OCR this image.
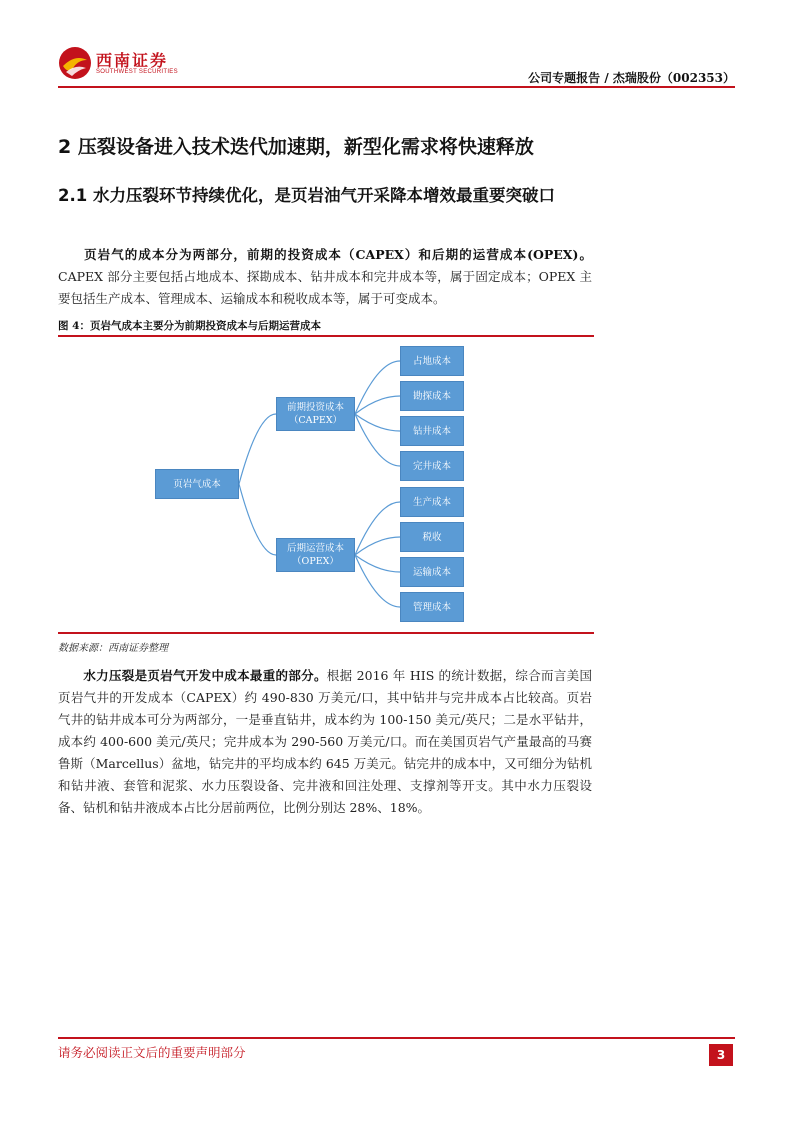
西南证券
SOUTHWEST SECURITIES	公司专题报告 / 杰瑞股份（002353）
2 压裂设备进入技术迭代加速期，新型化需求将快速释放
2.1 水力压裂环节持续优化，是页岩油气开采降本增效最重要突破口

页岩气的成本分为两部分，前期的投资成本（CAPEX）和后期的运营成本(OPEX)。CAPEX 部分主要包括占地成本、探勘成本、钻井成本和完井成本等，属于固定成本；OPEX 主要包括生产成本、管理成本、运输成本和税收成本等，属于可变成本。

图 4：页岩气成本主要分为前期投资成本与后期运营成本
页岩气成本
前期投资成本
（CAPEX）
后期运营成本
（OPEX）
占地成本
勘探成本
钻井成本
完井成本
生产成本
税收
运输成本
管理成本
数据来源：西南证券整理

水力压裂是页岩气开发中成本最重的部分。根据 2016 年 HIS 的统计数据，综合而言美国页岩气井的开发成本（CAPEX）约 490-830 万美元/口，其中钻井与完井成本占比较高。页岩气井的钻井成本可分为两部分，一是垂直钻井，成本约为 100-150 美元/英尺；二是水平钻井，成本约 400-600 美元/英尺；完井成本为 290-560 万美元/口。而在美国页岩气产量最高的马赛鲁斯（Marcellus）盆地，钻完井的平均成本约 645 万美元。钻完井的成本中，又可细分为钻机和钻井液、套管和泥浆、水力压裂设备、完井液和回注处理、支撑剂等开支。其中水力压裂设备、钻机和钻井液成本占比分居前两位，比例分别达 28%、18%。

请务必阅读正文后的重要声明部分	3
